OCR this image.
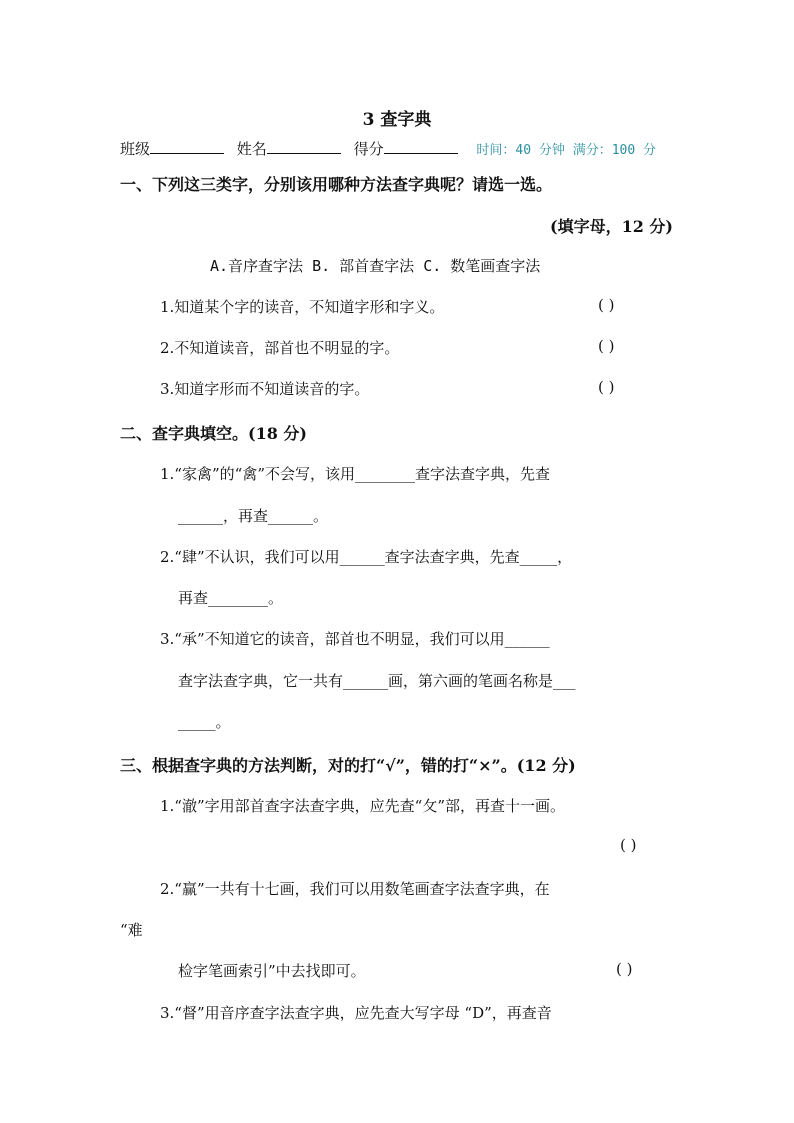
3 查字典
班级	姓名	得分	时间：40 分钟 满分：100 分
一、下列这三类字，分别该用哪种方法查字典呢？请选一选。
(填字母，12 分)
A.音序查字法 B. 部首查字法 C. 数笔画查字法
1.知道某个字的读音，不知道字形和字义。	( )
2.不知道读音，部首也不明显的字。	( )
3.知道字形而不知道读音的字。	( )
二、查字典填空。(18 分)
1.“家禽”的“禽”不会写，该用________查字法查字典，先查
______，再查______。
2.“肆”不认识，我们可以用______查字法查字典，先查_____，
再查________。
3.“承”不知道它的读音，部首也不明显，我们可以用______
查字法查字典，它一共有______画，第六画的笔画名称是___
_____。
三、根据查字典的方法判断，对的打“√”，错的打“×”。(12 分)
1.“澈”字用部首查字法查字典，应先查“攵”部，再查十一画。
( )
2.“赢”一共有十七画，我们可以用数笔画查字法查字典，在
“难
检字笔画索引”中去找即可。	( )
3.“督”用音序查字法查字典，应先查大写字母 “D”，再查音
